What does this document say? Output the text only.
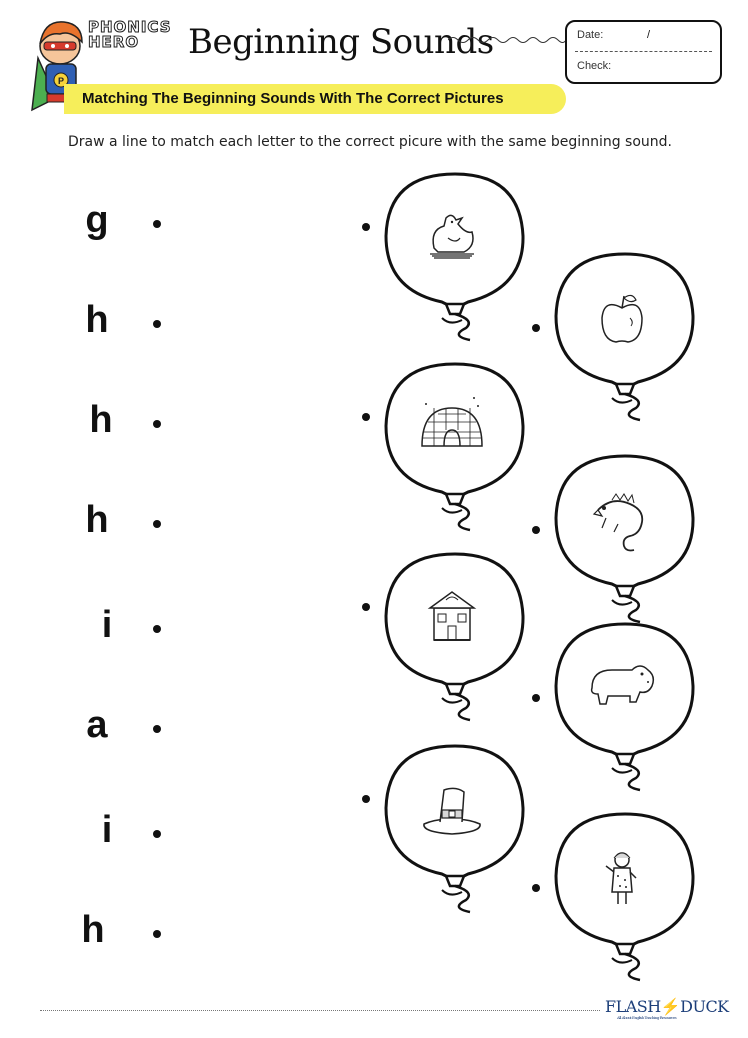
P
PHONICS
HERO	Beginning Sounds	Date:	/
Check:
Matching The Beginning Sounds With The Correct Pictures
Draw a line to match each letter to the correct picure with the same beginning sound.
g
h
h
h
i
a
i
h
FLASH⚡DUCK
All About English Teaching Resources
